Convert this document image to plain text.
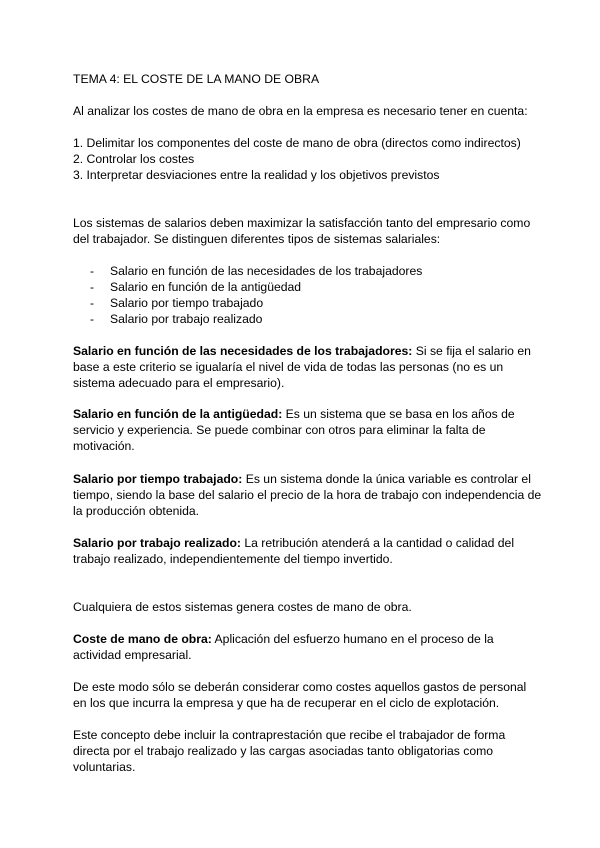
TEMA 4: EL COSTE DE LA MANO DE OBRA

Al analizar los costes de mano de obra en la empresa es necesario tener en cuenta:

1. Delimitar los componentes del coste de mano de obra (directos como indirectos)
2. Controlar los costes
3. Interpretar desviaciones entre la realidad y los objetivos previstos

Los sistemas de salarios deben maximizar la satisfacción tanto del empresario como del trabajador. Se distinguen diferentes tipos de sistemas salariales:

- Salario en función de las necesidades de los trabajadores
- Salario en función de la antigüedad
- Salario por tiempo trabajado
- Salario por trabajo realizado

Salario en función de las necesidades de los trabajadores: Si se fija el salario en base a este criterio se igualaría el nivel de vida de todas las personas (no es un sistema adecuado para el empresario).

Salario en función de la antigüedad: Es un sistema que se basa en los años de servicio y experiencia. Se puede combinar con otros para eliminar la falta de motivación.

Salario por tiempo trabajado: Es un sistema donde la única variable es controlar el tiempo, siendo la base del salario el precio de la hora de trabajo con independencia de la producción obtenida.

Salario por trabajo realizado: La retribución atenderá a la cantidad o calidad del trabajo realizado, independientemente del tiempo invertido.

Cualquiera de estos sistemas genera costes de mano de obra.

Coste de mano de obra: Aplicación del esfuerzo humano en el proceso de la actividad empresarial.

De este modo sólo se deberán considerar como costes aquellos gastos de personal en los que incurra la empresa y que ha de recuperar en el ciclo de explotación.

Este concepto debe incluir la contraprestación que recibe el trabajador de forma directa por el trabajo realizado y las cargas asociadas tanto obligatorias como voluntarias.
